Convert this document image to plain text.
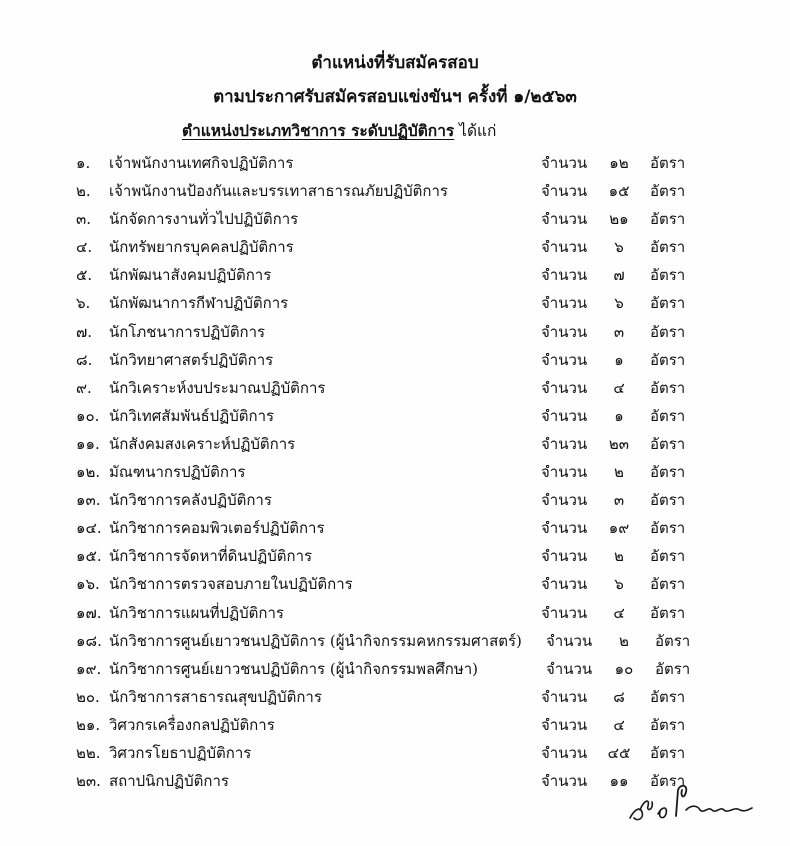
ตำแหน่งที่รับสมัครสอบ
ตามประกาศรับสมัครสอบแข่งขันฯ ครั้งที่ ๑/๒๕๖๓
ตำแหน่งประเภทวิชาการ ระดับปฏิบัติการ ได้แก่
๑. เจ้าพนักงานเทศกิจปฏิบัติการ	จำนวน	๑๒	อัตรา
๒. เจ้าพนักงานป้องกันและบรรเทาสาธารณภัยปฏิบัติการ	จำนวน	๑๕	อัตรา
๓. นักจัดการงานทั่วไปปฏิบัติการ	จำนวน	๒๑	อัตรา
๔. นักทรัพยากรบุคคลปฏิบัติการ	จำนวน	๖	อัตรา
๕. นักพัฒนาสังคมปฏิบัติการ	จำนวน	๗	อัตรา
๖. นักพัฒนาการกีฬาปฏิบัติการ	จำนวน	๖	อัตรา
๗. นักโภชนาการปฏิบัติการ	จำนวน	๓	อัตรา
๘. นักวิทยาศาสตร์ปฏิบัติการ	จำนวน	๑	อัตรา
๙. นักวิเคราะห์งบประมาณปฏิบัติการ	จำนวน	๔	อัตรา
๑๐. นักวิเทศสัมพันธ์ปฏิบัติการ	จำนวน	๑	อัตรา
๑๑. นักสังคมสงเคราะห์ปฏิบัติการ	จำนวน	๒๓	อัตรา
๑๒. มัณฑนากรปฏิบัติการ	จำนวน	๒	อัตรา
๑๓. นักวิชาการคลังปฏิบัติการ	จำนวน	๓	อัตรา
๑๔. นักวิชาการคอมพิวเตอร์ปฏิบัติการ	จำนวน	๑๙	อัตรา
๑๕. นักวิชาการจัดหาที่ดินปฏิบัติการ	จำนวน	๒	อัตรา
๑๖. นักวิชาการตรวจสอบภายในปฏิบัติการ	จำนวน	๖	อัตรา
๑๗. นักวิชาการแผนที่ปฏิบัติการ	จำนวน	๔	อัตรา
๑๘. นักวิชาการศูนย์เยาวชนปฏิบัติการ (ผู้นำกิจกรรมคหกรรมศาสตร์) จำนวน	๒	อัตรา
๑๙. นักวิชาการศูนย์เยาวชนปฏิบัติการ (ผู้นำกิจกรรมพลศึกษา)	จำนวน	๑๐	อัตรา
๒๐. นักวิชาการสาธารณสุขปฏิบัติการ	จำนวน	๘	อัตรา
๒๑. วิศวกรเครื่องกลปฏิบัติการ	จำนวน	๔	อัตรา
๒๒. วิศวกรโยธาปฏิบัติการ	จำนวน	๔๕	อัตรา
๒๓. สถาปนิกปฏิบัติการ	จำนวน	๑๑	อัตรา
